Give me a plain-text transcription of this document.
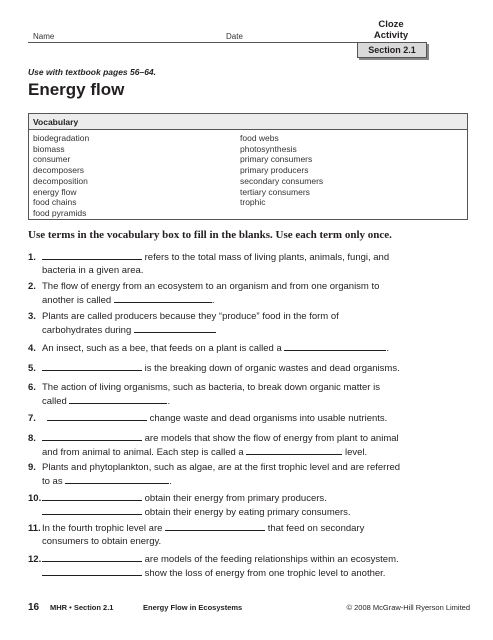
Name	Date
Cloze
Activity
Section 2.1
Use with textbook pages 56–64.
Energy flow
Vocabulary
biodegradation
biomass
consumer
decomposers
decomposition
energy flow
food chains
food pyramids
food webs
photosynthesis
primary consumers
primary producers
secondary consumers
tertiary consumers
trophic
Use terms in the vocabulary box to fill in the blanks. Use each term only once.
1.	refers to the total mass of living plants, animals, fungi, and
bacteria in a given area.
2. The flow of energy from an ecosystem to an organism and from one organism to
another is called	.
3. Plants are called producers because they “produce” food in the form of
carbohydrates during
4. An insect, such as a bee, that feeds on a plant is called a	.
5.	is the breaking down of organic wastes and dead organisms.
6. The action of living organisms, such as bacteria, to break down organic matter is
called	.
7.	change waste and dead organisms into usable nutrients.
8.	are models that show the flow of energy from plant to animal
and from animal to animal. Each step is called a	level.
9. Plants and phytoplankton, such as algae, are at the first trophic level and are referred
to as	.
10.	obtain their energy from primary producers.
obtain their energy by eating primary consumers.
11.In the fourth trophic level are	that feed on secondary
consumers to obtain energy.
12.	are models of the feeding relationships within an ecosystem.
show the loss of energy from one trophic level to another.
16 MHR • Section 2.1	Energy Flow in Ecosystems	© 2008 McGraw-Hill Ryerson Limited
